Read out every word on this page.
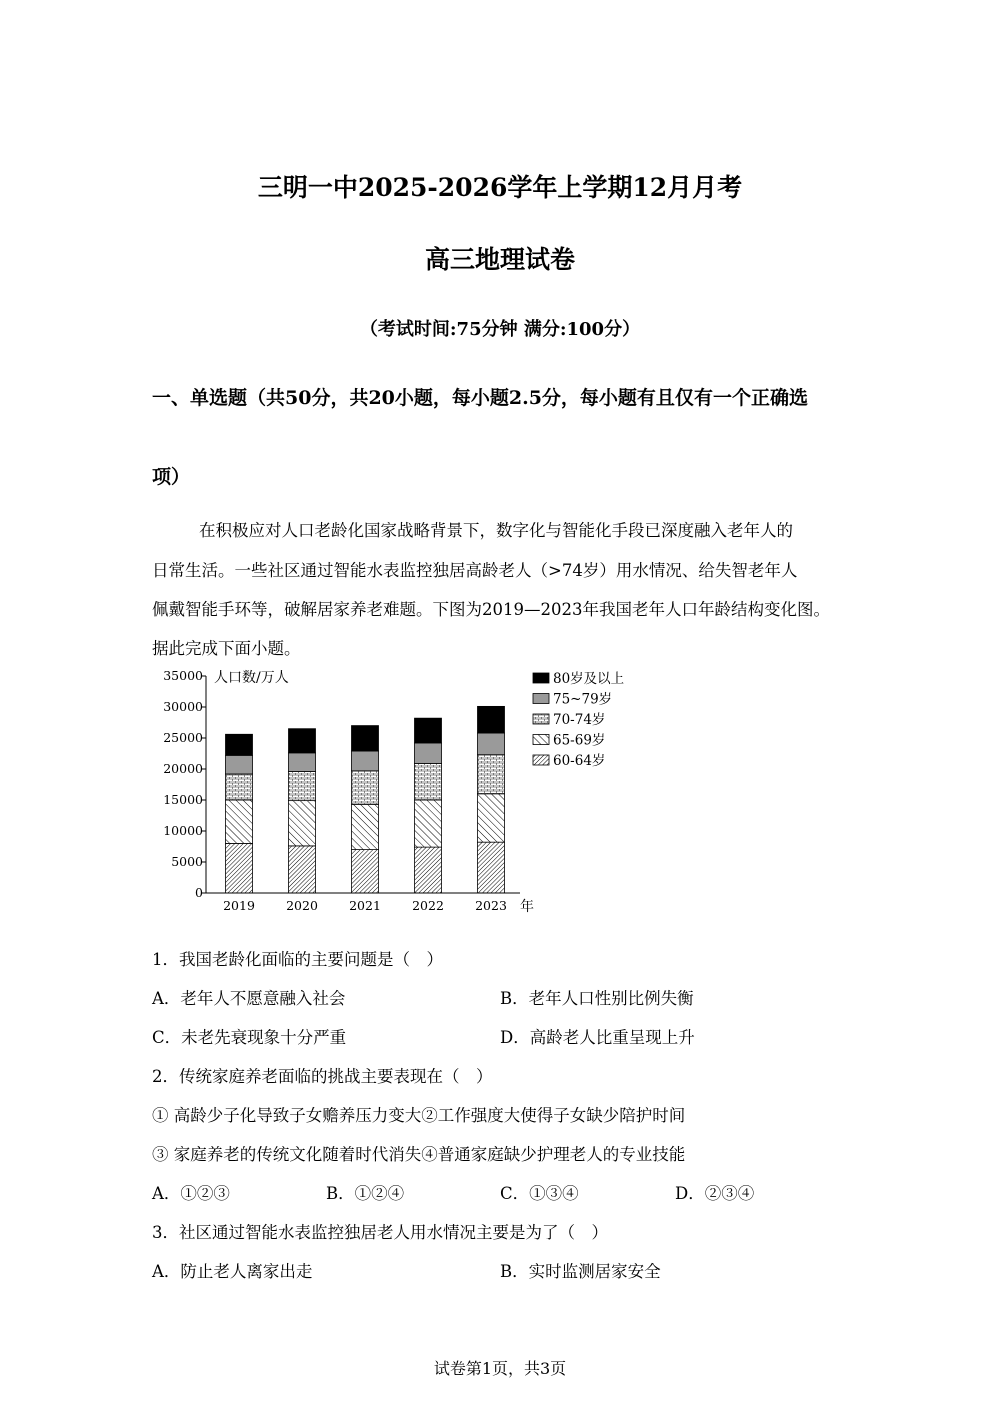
三明一中2025-2026学年上学期12月月考
高三地理试卷
（考试时间:75分钟 满分:100分）
一、单选题（共50分，共20小题，每小题2.5分，每小题有且仅有一个正确选
项）
在积极应对人口老龄化国家战略背景下，数字化与智能化手段已深度融入老年人的
日常生活。一些社区通过智能水表监控独居高龄老人（>74岁）用水情况、给失智老年人
佩戴智能手环等，破解居家养老难题。下图为2019—2023年我国老年人口年龄结构变化图。
据此完成下面小题。
0
5000
10000
15000
20000
25000
30000
35000
2019 2020 2021 2022 2023
80岁及以上
75~79岁
70-74岁
65-69岁
60-64岁
人口数/万人
年
1．我国老龄化面临的主要问题是（　）
A．老年人不愿意融入社会	B．老年人口性别比例失衡
C．未老先衰现象十分严重	D．高龄老人比重呈现上升
2．传统家庭养老面临的挑战主要表现在（　）
① 高龄少子化导致子女赡养压力变大②工作强度大使得子女缺少陪护时间
③ 家庭养老的传统文化随着时代消失④普通家庭缺少护理老人的专业技能
A．①②③	B．①②④	C．①③④	D．②③④
3．社区通过智能水表监控独居老人用水情况主要是为了（　）
A．防止老人离家出走	B．实时监测居家安全
试卷第1页，共3页
